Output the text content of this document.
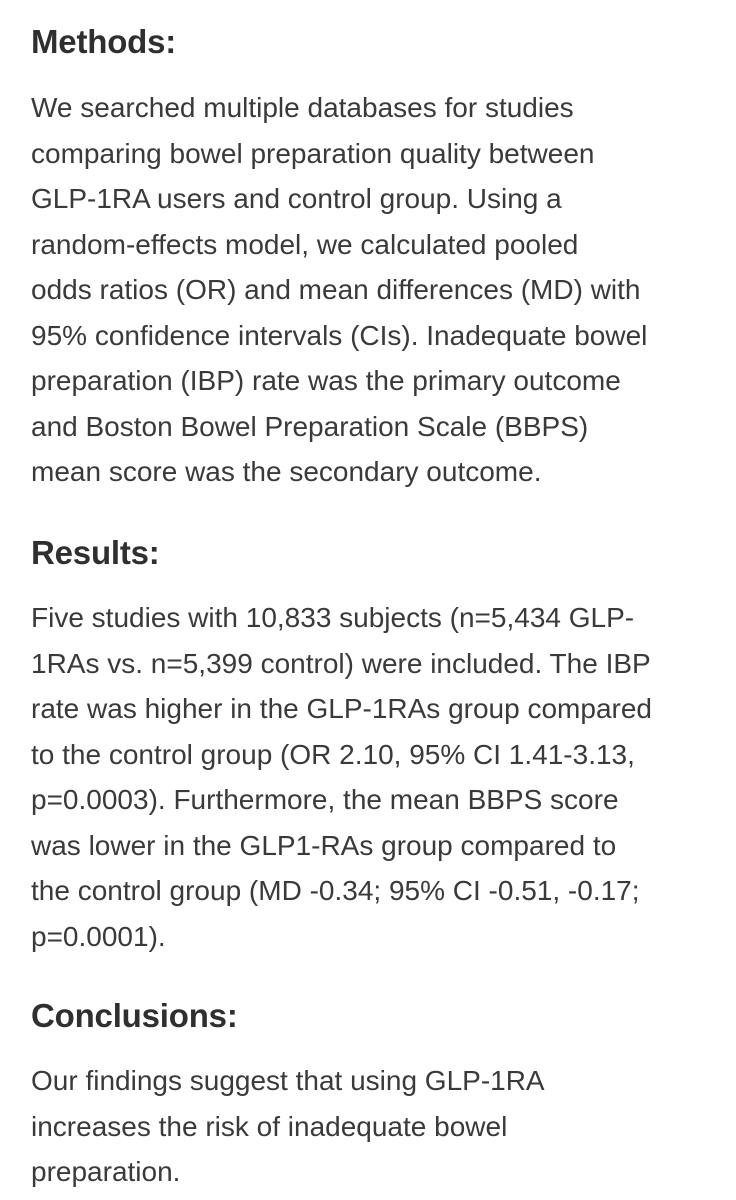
Methods:
We searched multiple databases for studies
comparing bowel preparation quality between
GLP-1RA users and control group. Using a
random-effects model, we calculated pooled
odds ratios (OR) and mean differences (MD) with
95% confidence intervals (CIs). Inadequate bowel
preparation (IBP) rate was the primary outcome
and Boston Bowel Preparation Scale (BBPS)
mean score was the secondary outcome.
Results:
Five studies with 10,833 subjects (n=5,434 GLP-
1RAs vs. n=5,399 control) were included. The IBP
rate was higher in the GLP-1RAs group compared
to the control group (OR 2.10, 95% CI 1.41-3.13,
p=0.0003). Furthermore, the mean BBPS score
was lower in the GLP1-RAs group compared to
the control group (MD -0.34; 95% CI -0.51, -0.17;
p=0.0001).
Conclusions:
Our findings suggest that using GLP-1RA
increases the risk of inadequate bowel
preparation.
